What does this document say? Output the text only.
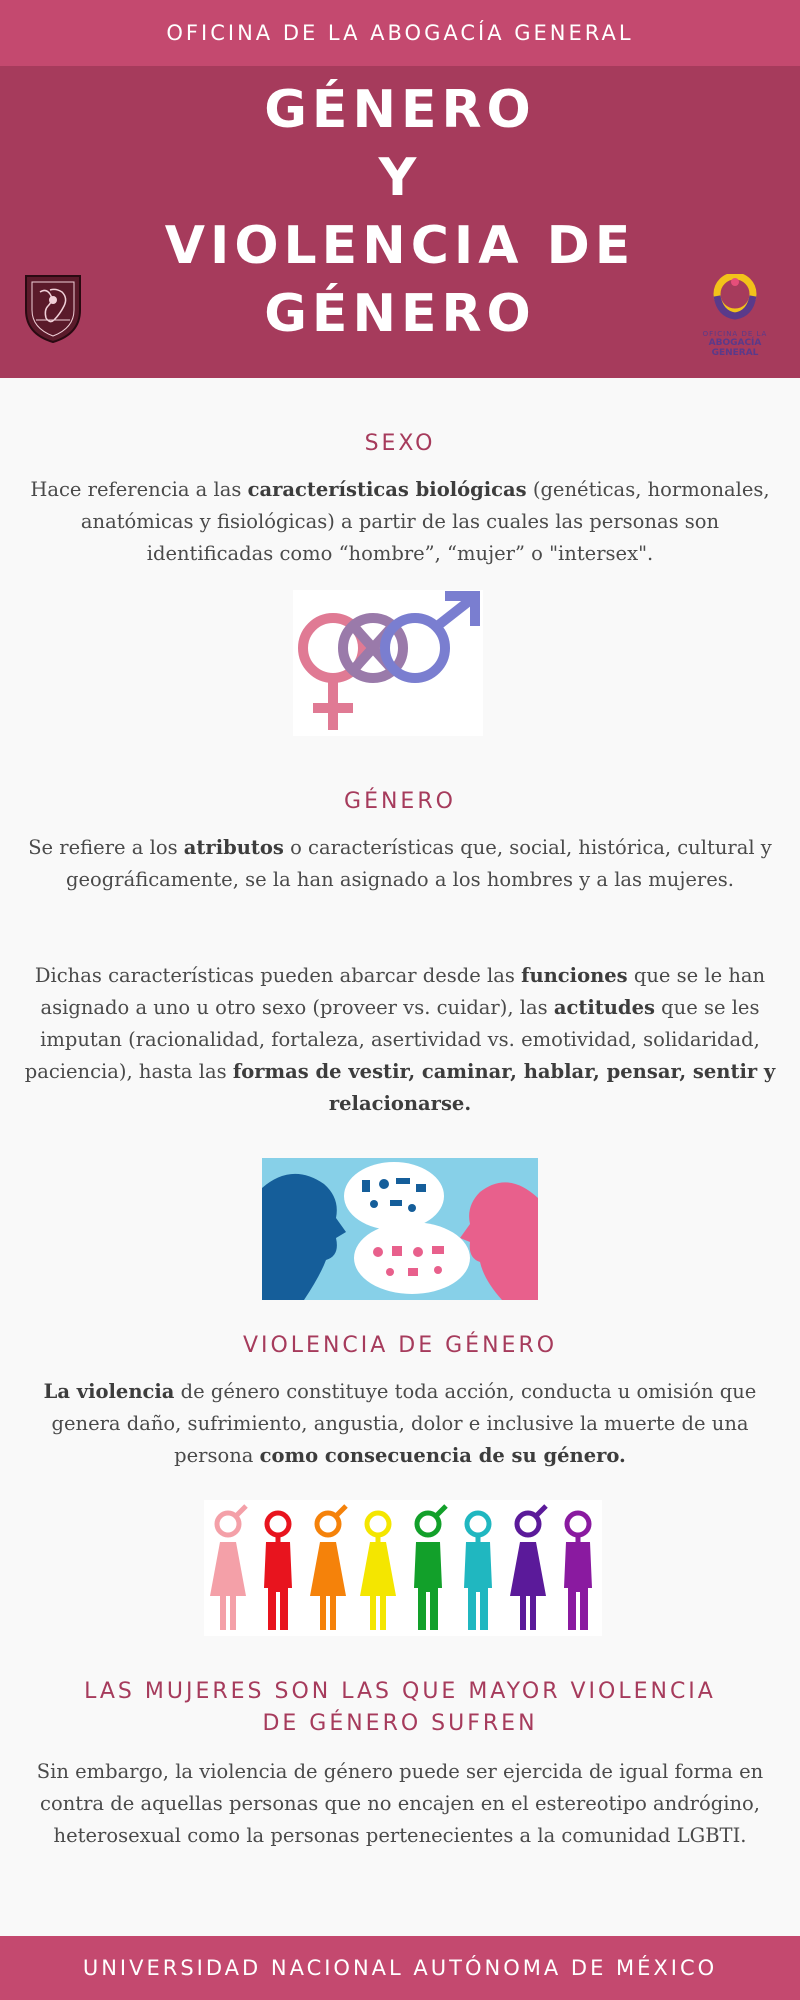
OFICINA DE LA ABOGACÍA GENERAL
GÉNERO
Y
VIOLENCIA DE
GÉNERO	OFICINA DE LA
ABOGACÍA GENERAL
SEXO
Hace referencia a las características biológicas (genéticas, hormonales, anatómicas y fisiológicas) a partir de las cuales las personas son identificadas como “hombre”, “mujer” o "intersex".
GÉNERO
Se refiere a los atributos o características que, social, histórica, cultural y geográficamente, se la han asignado a los hombres y a las mujeres.
Dichas características pueden abarcar desde las funciones que se le han asignado a uno u otro sexo (proveer vs. cuidar), las actitudes que se les imputan (racionalidad, fortaleza, asertividad vs. emotividad, solidaridad, paciencia), hasta las formas de vestir, caminar, hablar, pensar, sentir y relacionarse.
VIOLENCIA DE GÉNERO
La violencia de género constituye toda acción, conducta u omisión que genera daño, sufrimiento, angustia, dolor e inclusive la muerte de una persona como consecuencia de su género.
LAS MUJERES SON LAS QUE MAYOR VIOLENCIA
DE GÉNERO SUFREN
Sin embargo, la violencia de género puede ser ejercida de igual forma en contra de aquellas personas que no encajen en el estereotipo andrógino, heterosexual como la personas pertenecientes a la comunidad LGBTI.
UNIVERSIDAD NACIONAL AUTÓNOMA DE MÉXICO
